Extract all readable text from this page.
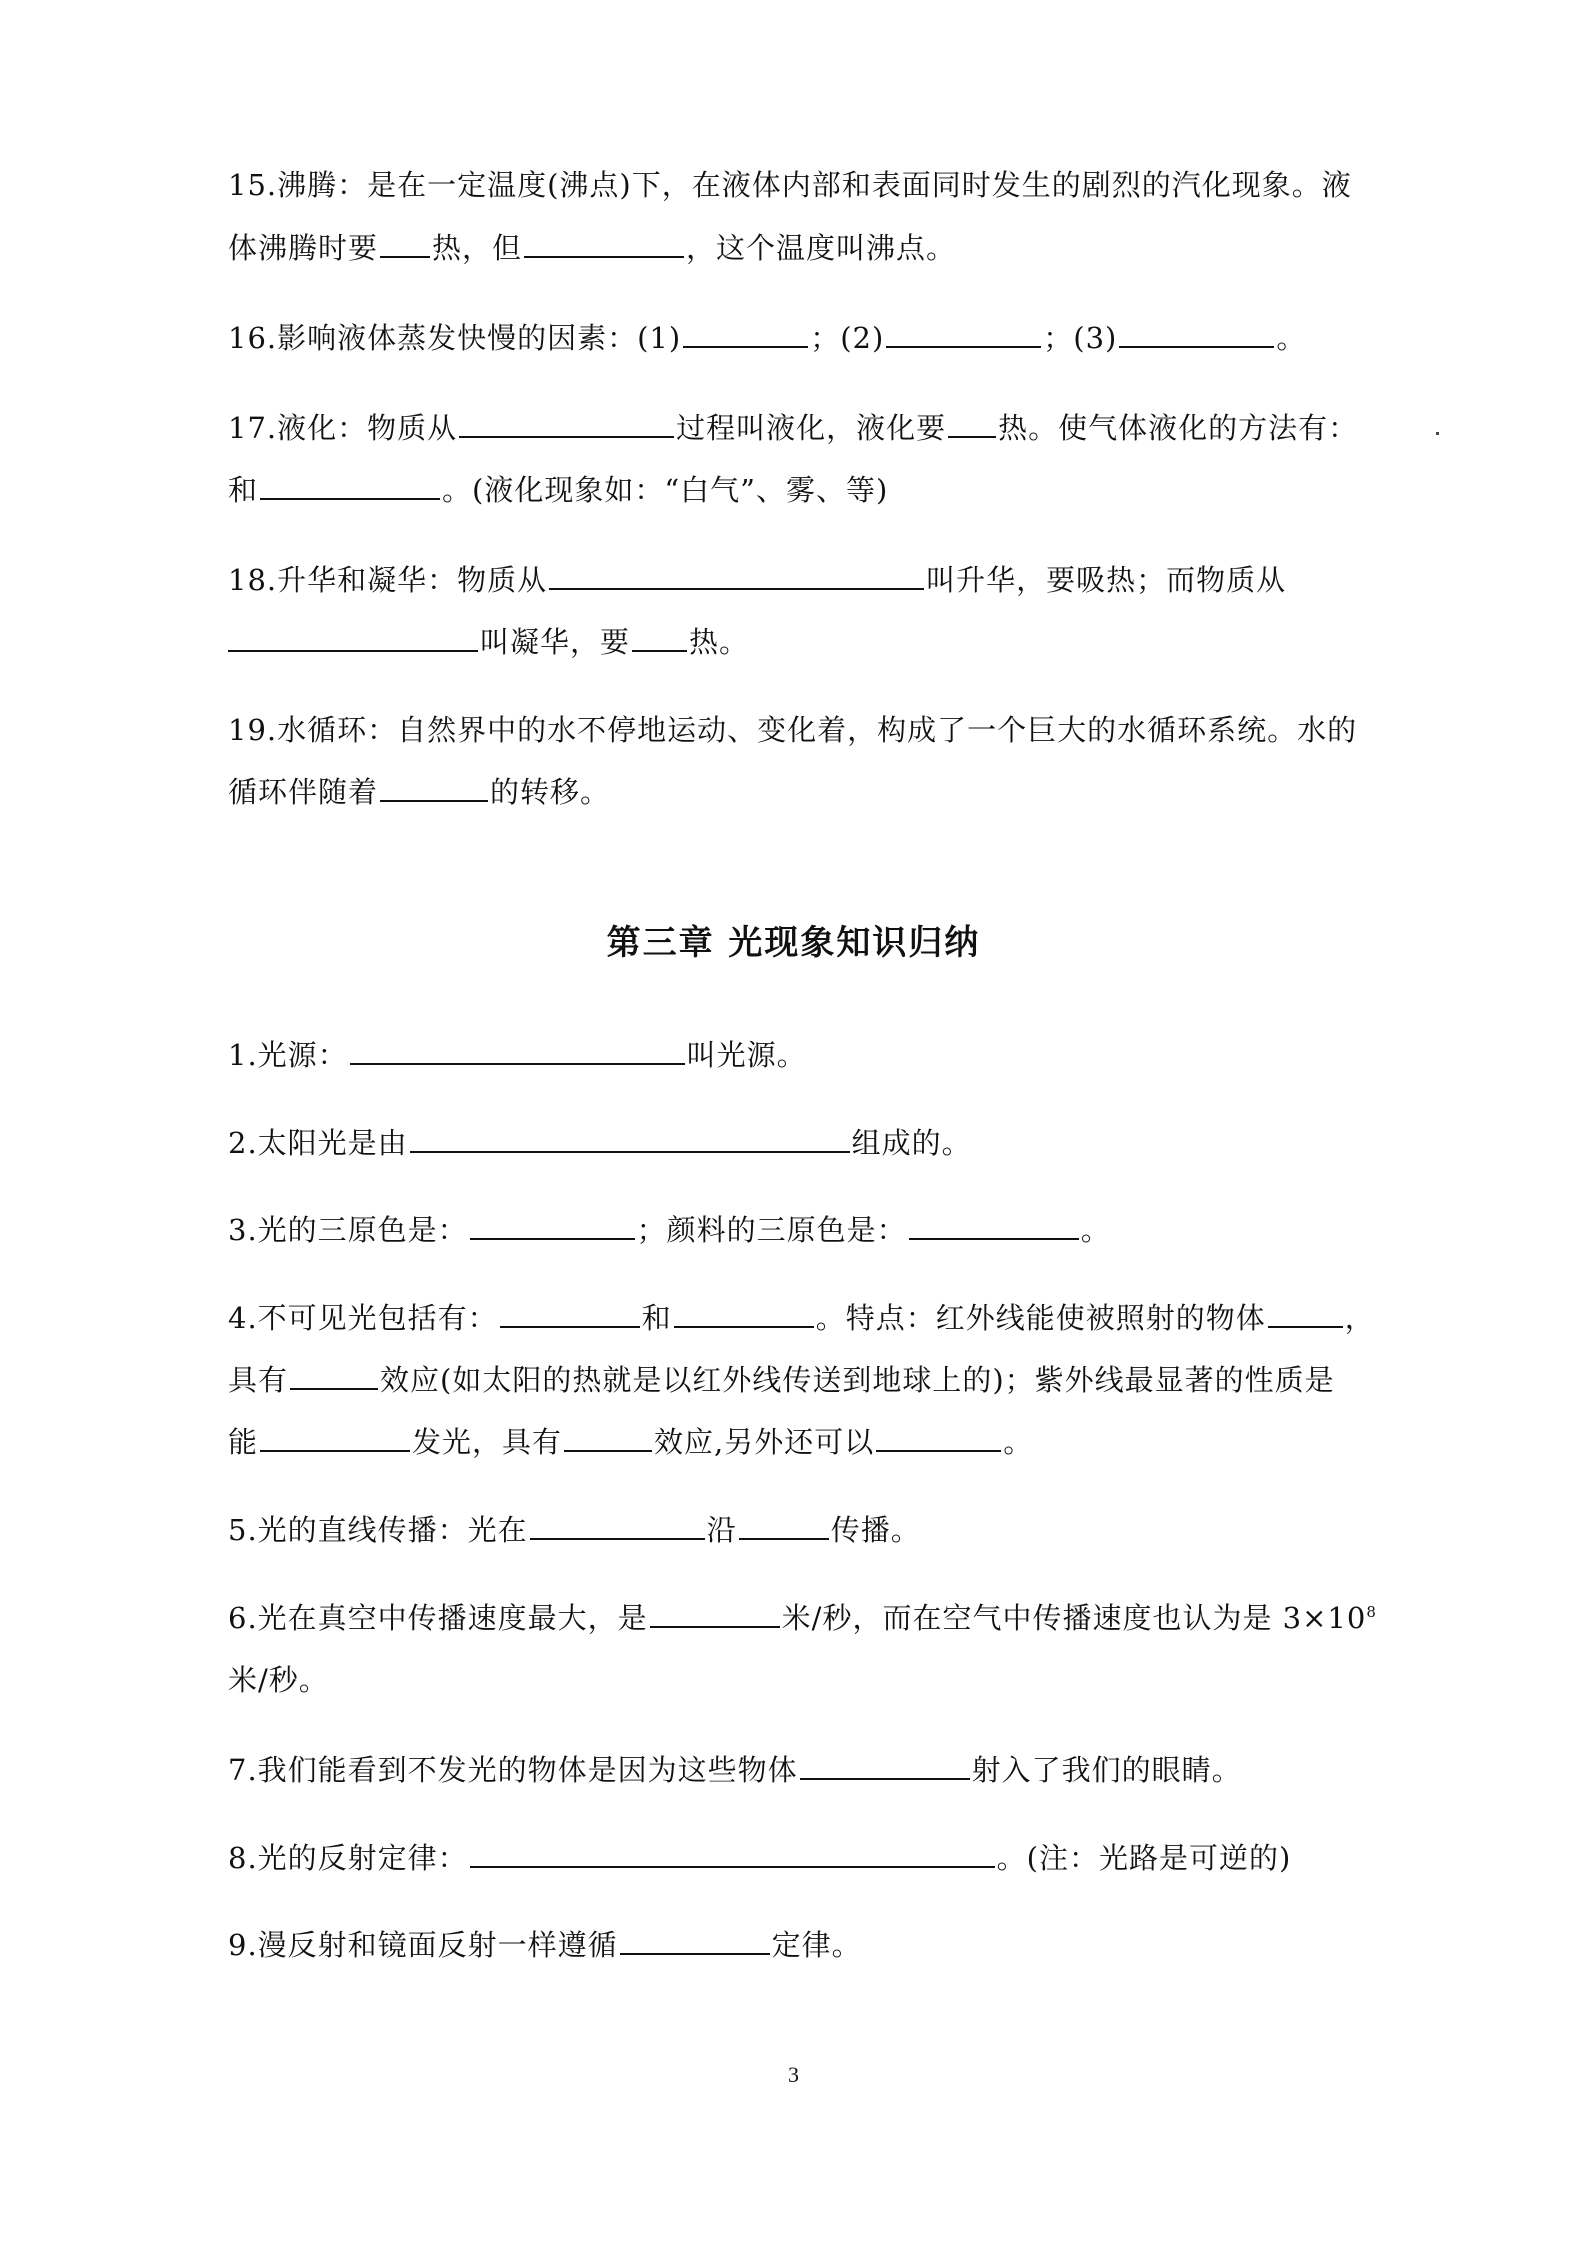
15.沸腾：是在一定温度(沸点)下，在液体内部和表面同时发生的剧烈的汽化现象。液
体沸腾时要 热，但	，这个温度叫沸点。
16.影响液体蒸发快慢的因素：(1)	；(2)	；(3)	。
17.液化：物质从	过程叫液化，液化要 热。使气体液化的方法有：
和	。(液化现象如：“白气”、雾、等)
18.升华和凝华：物质从	叫升华，要吸热；而物质从
叫凝华，要 热。
19.水循环：自然界中的水不停地运动、变化着，构成了一个巨大的水循环系统。水的
循环伴随着	的转移。
第三章 光现象知识归纳
1.光源：	叫光源。
2.太阳光是由	组成的。
3.光的三原色是：	；颜料的三原色是：	。
4.不可见光包括有：	和	。特点：红外线能使被照射的物体	，
具有	效应(如太阳的热就是以红外线传送到地球上的)；紫外线最显著的性质是
能	发光，具有	效应,另外还可以	。
5.光的直线传播：光在	沿	传播。
6.光在真空中传播速度最大，是	米/秒，而在空气中传播速度也认为是 $3\times 10^8$
米/秒。
7.我们能看到不发光的物体是因为这些物体	射入了我们的眼睛。
8.光的反射定律：	。(注：光路是可逆的)
9.漫反射和镜面反射一样遵循	定律。
3
